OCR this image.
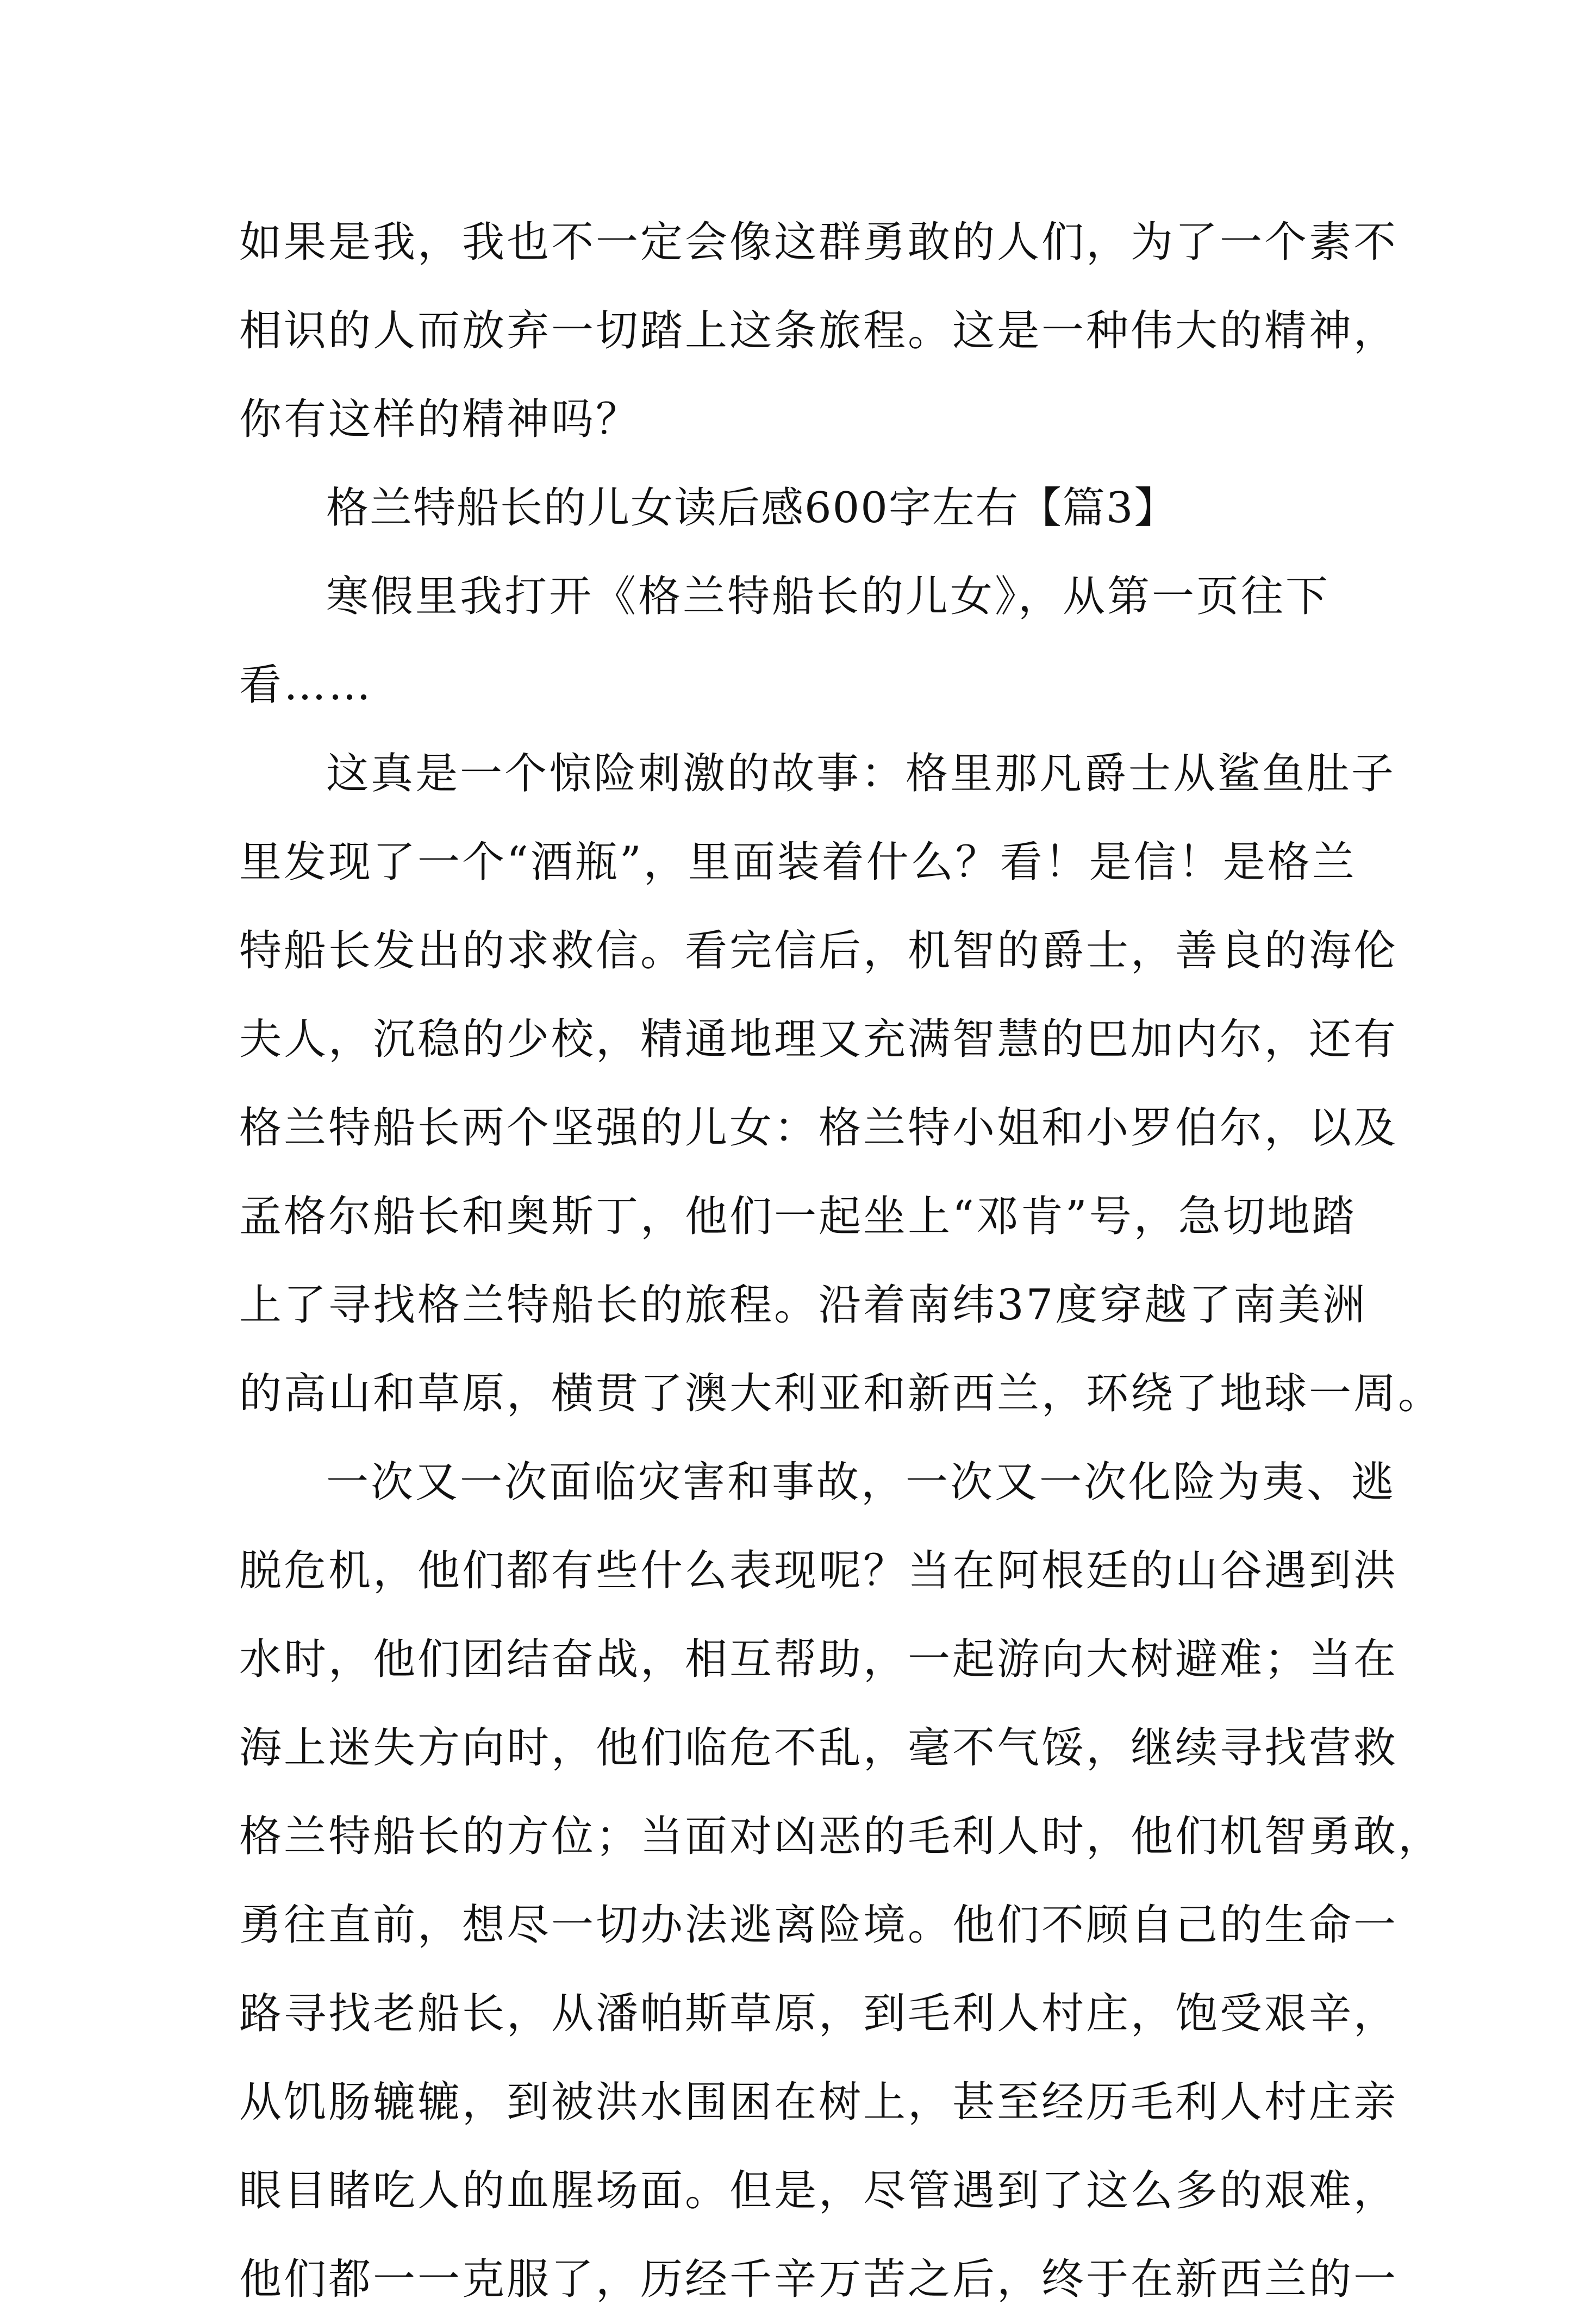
如果是我，我也不一定会像这群勇敢的人们，为了一个素不
相识的人而放弃一切踏上这条旅程。这是一种伟大的精神，
你有这样的精神吗？
格兰特船长的儿女读后感600字左右【篇3】
寒假里我打开《格兰特船长的儿女》，从第一页往下
看……
这真是一个惊险刺激的故事：格里那凡爵士从鲨鱼肚子
里发现了一个“酒瓶”，里面装着什么？看！是信！是格兰
特船长发出的求救信。看完信后，机智的爵士，善良的海伦
夫人，沉稳的少校，精通地理又充满智慧的巴加内尔，还有
格兰特船长两个坚强的儿女：格兰特小姐和小罗伯尔，以及
孟格尔船长和奥斯丁，他们一起坐上“邓肯”号，急切地踏
上了寻找格兰特船长的旅程。沿着南纬37度穿越了南美洲
的高山和草原，横贯了澳大利亚和新西兰，环绕了地球一周。
一次又一次面临灾害和事故，一次又一次化险为夷、逃
脱危机，他们都有些什么表现呢？当在阿根廷的山谷遇到洪
水时，他们团结奋战，相互帮助，一起游向大树避难；当在
海上迷失方向时，他们临危不乱，毫不气馁，继续寻找营救
格兰特船长的方位；当面对凶恶的毛利人时，他们机智勇敢，
勇往直前，想尽一切办法逃离险境。他们不顾自己的生命一
路寻找老船长，从潘帕斯草原，到毛利人村庄，饱受艰辛，
从饥肠辘辘，到被洪水围困在树上，甚至经历毛利人村庄亲
眼目睹吃人的血腥场面。但是，尽管遇到了这么多的艰难，
他们都一一克服了，历经千辛万苦之后，终于在新西兰的一
